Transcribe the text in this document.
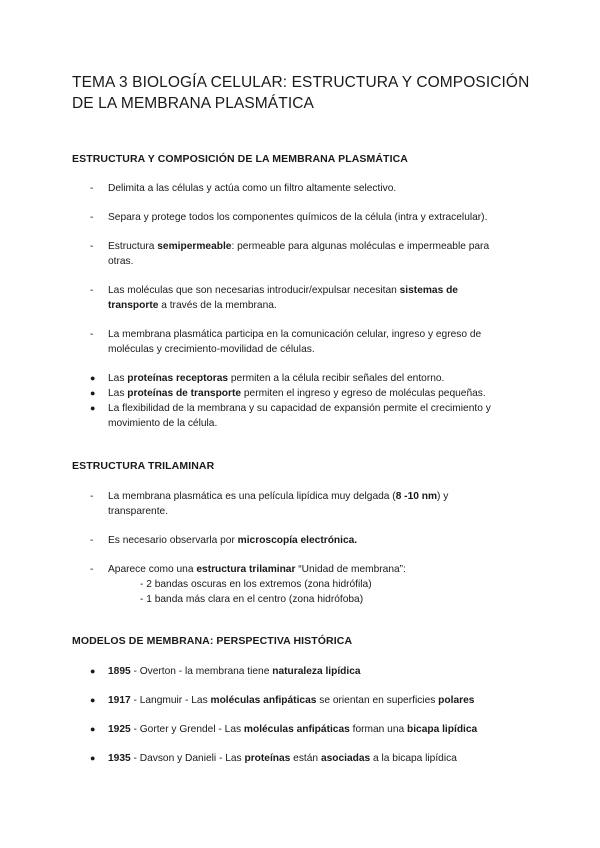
TEMA 3 BIOLOGÍA CELULAR: ESTRUCTURA Y COMPOSICIÓN
DE LA MEMBRANA PLASMÁTICA
ESTRUCTURA Y COMPOSICIÓN DE LA MEMBRANA PLASMÁTICA
-	Delimita a las células y actúa como un filtro altamente selectivo.
-	Separa y protege todos los componentes químicos de la célula (intra y extracelular).
-	Estructura semipermeable: permeable para algunas moléculas e impermeable para
otras.
-	Las moléculas que son necesarias introducir/expulsar necesitan sistemas de
transporte a través de la membrana.
-	La membrana plasmática participa en la comunicación celular, ingreso y egreso de
moléculas y crecimiento-movilidad de células.
●	Las proteínas receptoras permiten a la célula recibir señales del entorno.
●	Las proteínas de transporte permiten el ingreso y egreso de moléculas pequeñas.
●	La flexibilidad de la membrana y su capacidad de expansión permite el crecimiento y
movimiento de la célula.
ESTRUCTURA TRILAMINAR
-	La membrana plasmática es una película lipídica muy delgada (8 -10 nm) y
transparente.
-	Es necesario observarla por microscopía electrónica.
-	Aparece como una estructura trilaminar “Unidad de membrana”:
- 2 bandas oscuras en los extremos (zona hidrófila)
- 1 banda más clara en el centro (zona hidrófoba)
MODELOS DE MEMBRANA: PERSPECTIVA HISTÓRICA
●	1895 - Overton - la membrana tiene naturaleza lipídica
●	1917 - Langmuir - Las moléculas anfipáticas se orientan en superficies polares
●	1925 - Gorter y Grendel - Las moléculas anfipáticas forman una bicapa lipídica
●	1935 - Davson y Danieli - Las proteínas están asociadas a la bicapa lipídica
